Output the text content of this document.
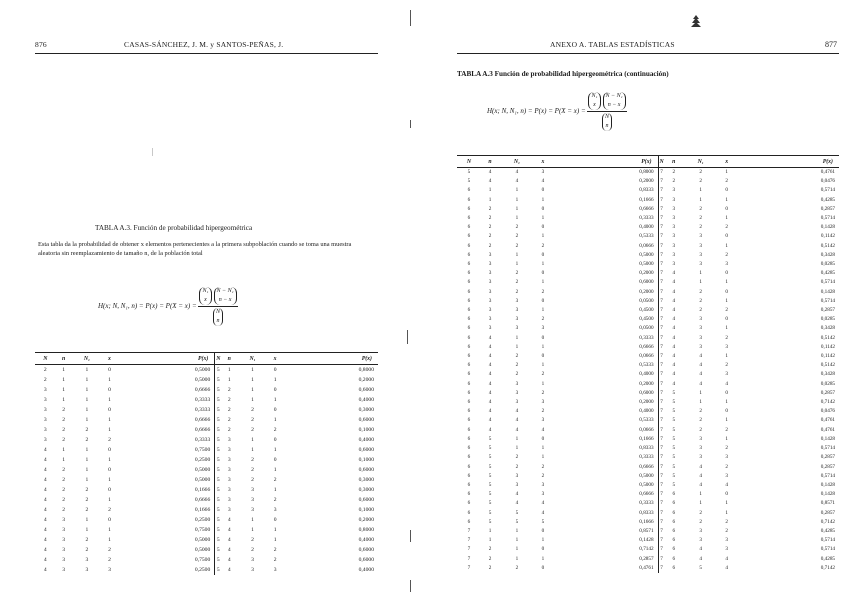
876	CASAS-SÁNCHEZ, J. M. y SANTOS-PEÑAS, J.
TABLA A.3. Función de probabilidad hipergeométrica
Esta tabla da la probabilidad de obtener x elementos pertenecientes a la primera subpoblación cuando se toma una muestra aleatoria sin reemplazamiento de tamaño n, de la población total
H(x; N, N₁, n) = P(x) = P(X = x) =
N₁
xN − N₁
n − x
N
n
N	n	N₁	x	P(x)	N	n	N₁	x	P(x)
2	1	1	0	0,5000	5	1	1	0	0,8000
2	1	1	1	0,5000	5	1	1	1	0,2000
3	1	1	0	0,6666	5	2	1	0	0,6000
3	1	1	1	0,3333	5	2	1	1	0,4000
3	2	1	0	0,3333	5	2	2	0	0,3000
3	2	1	1	0,6666	5	2	2	1	0,6000
3	2	2	1	0,6666	5	2	2	2	0,1000
3	2	2	2	0,3333	5	3	1	0	0,4000
4	1	1	0	0,7500	5	3	1	1	0,6000
4	1	1	1	0,2500	5	3	2	0	0,1000
4	2	1	0	0,5000	5	3	2	1	0,6000
4	2	1	1	0,5000	5	3	2	2	0,3000
4	2	2	0	0,1666	5	3	3	1	0,3000
4	2	2	1	0,6666	5	3	3	2	0,6000
4	2	2	2	0,1666	5	3	3	3	0,1000
4	3	1	0	0,2500	5	4	1	0	0,2000
4	3	1	1	0,7500	5	4	1	1	0,8000
4	3	2	1	0,5000	5	4	2	1	0,4000
4	3	2	2	0,5000	5	4	2	2	0,6000
4	3	3	2	0,7500	5	4	3	2	0,6000
4	3	3	3	0,2500	5	4	3	3	0,4000
|
ANEXO A. TABLAS ESTADÍSTICAS	877
TABLA A.3 Función de probabilidad hipergeométrica (continuación)
H(x; N, N₁, n) = P(x) = P(X = x) =
N₁
xN − N₁
n − x
N
n
N	n	N₁	x	P(x)	N	n	N₁	x	P(x)
5	4	4	3	0,8000	7	2	2	1	0,4761
5	4	4	4	0,2000	7	2	2	2	0,0476
6	1	1	0	0,8333	7	3	1	0	0,5714
6	1	1	1	0,1666	7	3	1	1	0,4285
6	2	1	0	0,6666	7	3	2	0	0,2857
6	2	1	1	0,3333	7	3	2	1	0,5714
6	2	2	0	0,4000	7	3	2	2	0,1428
6	2	2	1	0,5333	7	3	3	0	0,1142
6	2	2	2	0,0666	7	3	3	1	0,5142
6	3	1	0	0,5000	7	3	3	2	0,3428
6	3	1	1	0,5000	7	3	3	3	0,0285
6	3	2	0	0,2000	7	4	1	0	0,4285
6	3	2	1	0,6000	7	4	1	1	0,5714
6	3	2	2	0,2000	7	4	2	0	0,1428
6	3	3	0	0,0500	7	4	2	1	0,5714
6	3	3	1	0,4500	7	4	2	2	0,2857
6	3	3	2	0,4500	7	4	3	0	0,0285
6	3	3	3	0,0500	7	4	3	1	0,3428
6	4	1	0	0,3333	7	4	3	2	0,5142
6	4	1	1	0,6666	7	4	3	3	0,1142
6	4	2	0	0,0666	7	4	4	1	0,1142
6	4	2	1	0,5333	7	4	4	2	0,5142
6	4	2	2	0,4000	7	4	4	3	0,3428
6	4	3	1	0,2000	7	4	4	4	0,0285
6	4	3	2	0,6000	7	5	1	0	0,2857
6	4	3	3	0,2000	7	5	1	1	0,7142
6	4	4	2	0,4000	7	5	2	0	0,0476
6	4	4	3	0,5333	7	5	2	1	0,4761
6	4	4	4	0,0666	7	5	2	2	0,4761
6	5	1	0	0,1666	7	5	3	1	0,1428
6	5	1	1	0,8333	7	5	3	2	0,5714
6	5	2	1	0,3333	7	5	3	3	0,2857
6	5	2	2	0,6666	7	5	4	2	0,2857
6	5	3	2	0,5000	7	5	4	3	0,5714
6	5	3	3	0,5000	7	5	4	4	0,1428
6	5	4	3	0,6666	7	6	1	0	0,1428
6	5	4	4	0,3333	7	6	1	1	0,8571
6	5	5	4	0,8333	7	6	2	1	0,2857
6	5	5	5	0,1666	7	6	2	2	0,7142
7	1	1	0	0,8571	7	6	3	2	0,4285
7	1	1	1	0,1428	7	6	3	3	0,5714
7	2	1	0	0,7142	7	6	4	3	0,5714
7	2	1	1	0,2857	7	6	4	4	0,4285
7	2	2	0	0,4761	7	6	5	4	0,7142
